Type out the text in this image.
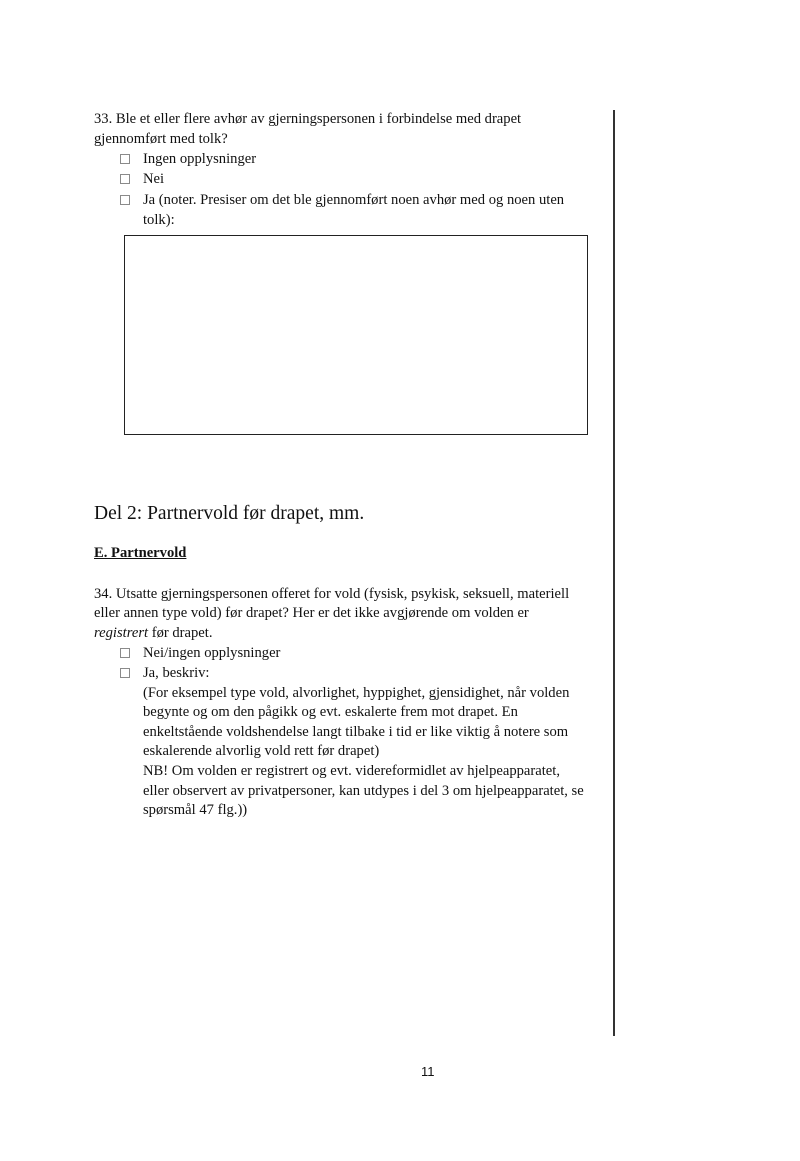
33. Ble et eller flere avhør av gjerningspersonen i forbindelse med drapet
gjennomført med tolk?
Ingen opplysninger
Nei
Ja (noter. Presiser om det ble gjennomført noen avhør med og noen uten
tolk):
Del 2: Partnervold før drapet, mm.
E. Partnervold
34. Utsatte gjerningspersonen offeret for vold (fysisk, psykisk, seksuell, materiell
eller annen type vold) før drapet? Her er det ikke avgjørende om volden er
registrert før drapet.
Nei/ingen opplysninger
Ja, beskriv:
(For eksempel type vold, alvorlighet, hyppighet, gjensidighet, når volden
begynte og om den pågikk og evt. eskalerte frem mot drapet. En
enkeltstående voldshendelse langt tilbake i tid er like viktig å notere som
eskalerende alvorlig vold rett før drapet)
NB! Om volden er registrert og evt. videreformidlet av hjelpeapparatet,
eller observert av privatpersoner, kan utdypes i del 3 om hjelpeapparatet, se
spørsmål 47 flg.))
11
